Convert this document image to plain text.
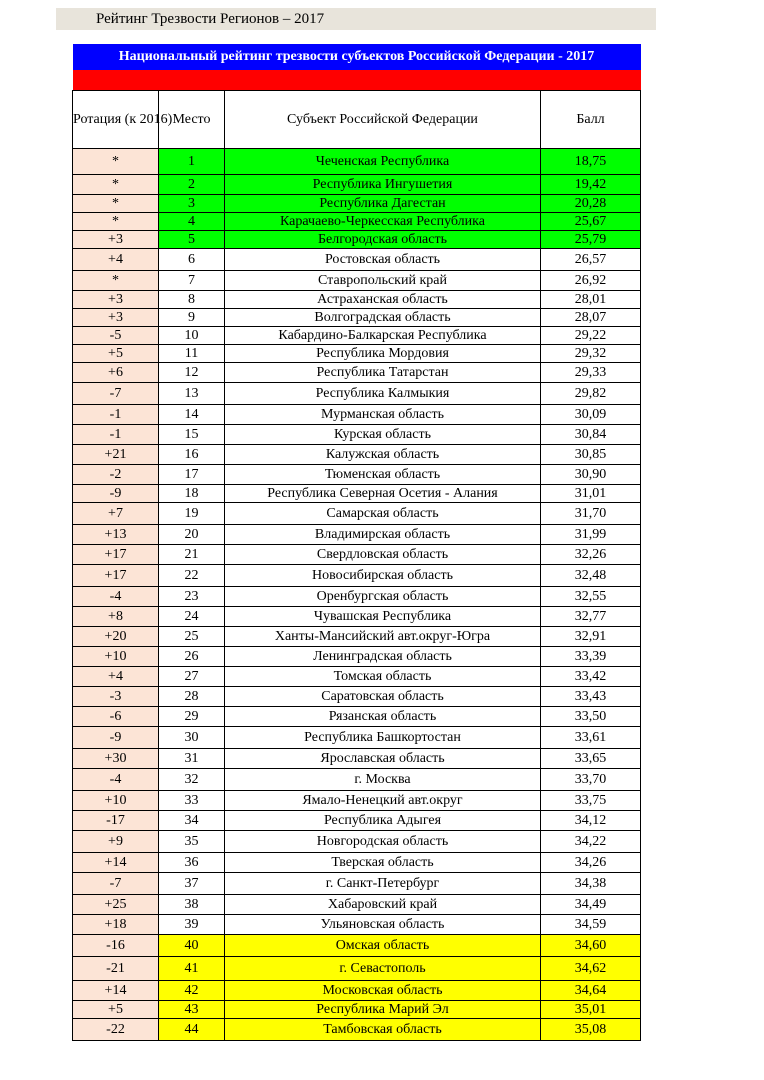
Рейтинг Трезвости Регионов – 2017

Национальный рейтинг трезвости субъектов Российской Федерации - 2017			

Ротация (к 2016)	Место	Субъект Российской Федерации	Балл
*	1	Чеченская Республика	18,75
*	2	Республика Ингушетия	19,42
*	3	Республика Дагестан	20,28
*	4	Карачаево-Черкесская Республика	25,67
+3	5	Белгородская область	25,79
+4	6	Ростовская область	26,57
*	7	Ставропольский край	26,92
+3	8	Астраханская область	28,01
+3	9	Волгоградская область	28,07
-5	10	Кабардино-Балкарская Республика	29,22
+5	11	Республика Мордовия	29,32
+6	12	Республика Татарстан	29,33
-7	13	Республика Калмыкия	29,82
-1	14	Мурманская область	30,09
-1	15	Курская область	30,84
+21	16	Калужская область	30,85
-2	17	Тюменская область	30,90
-9	18	Республика Северная Осетия - Алания	31,01
+7	19	Самарская область	31,70
+13	20	Владимирская область	31,99
+17	21	Свердловская область	32,26
+17	22	Новосибирская область	32,48
-4	23	Оренбургская область	32,55
+8	24	Чувашская Республика	32,77
+20	25	Ханты-Мансийский авт.округ-Югра	32,91
+10	26	Ленинградская область	33,39
+4	27	Томская область	33,42
-3	28	Саратовская область	33,43
-6	29	Рязанская область	33,50
-9	30	Республика Башкортостан	33,61
+30	31	Ярославская область	33,65
-4	32	г. Москва	33,70
+10	33	Ямало-Ненецкий авт.округ	33,75
-17	34	Республика Адыгея	34,12
+9	35	Новгородская область	34,22
+14	36	Тверская область	34,26
-7	37	г. Санкт-Петербург	34,38
+25	38	Хабаровский край	34,49
+18	39	Ульяновская область	34,59
-16	40	Омская область	34,60
-21	41	г. Севастополь	34,62
+14	42	Московская область	34,64
+5	43	Республика Марий Эл	35,01
-22	44	Тамбовская область	35,08
